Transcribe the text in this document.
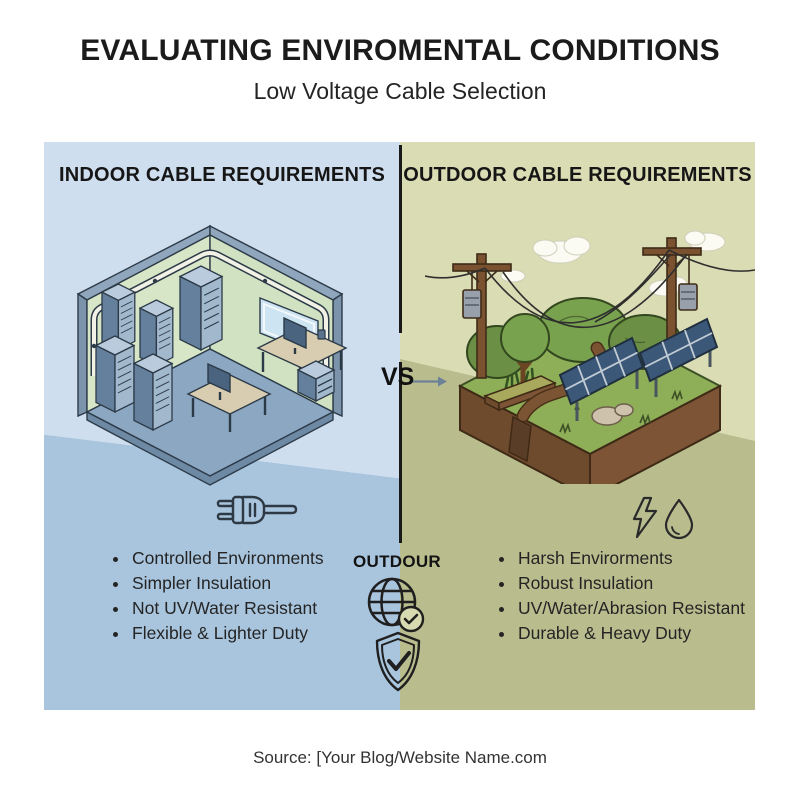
EVALUATING ENVIROMENTAL CONDITIONS
Low Voltage Cable Selection
INDOOR CABLE REQUIREMENTS
• Controlled Environments
• Simpler Insulation
• Not UV/Water Resistant
• Flexible & Lighter Duty
OUTDOOR CABLE REQUIREMENTS
• Harsh Envirorments
• Robust Insulation
• UV/Water/Abrasion Resistant
• Durable & Heavy Duty
VS
OUTDOUR
Source: [Your Blog/Website Name.com
